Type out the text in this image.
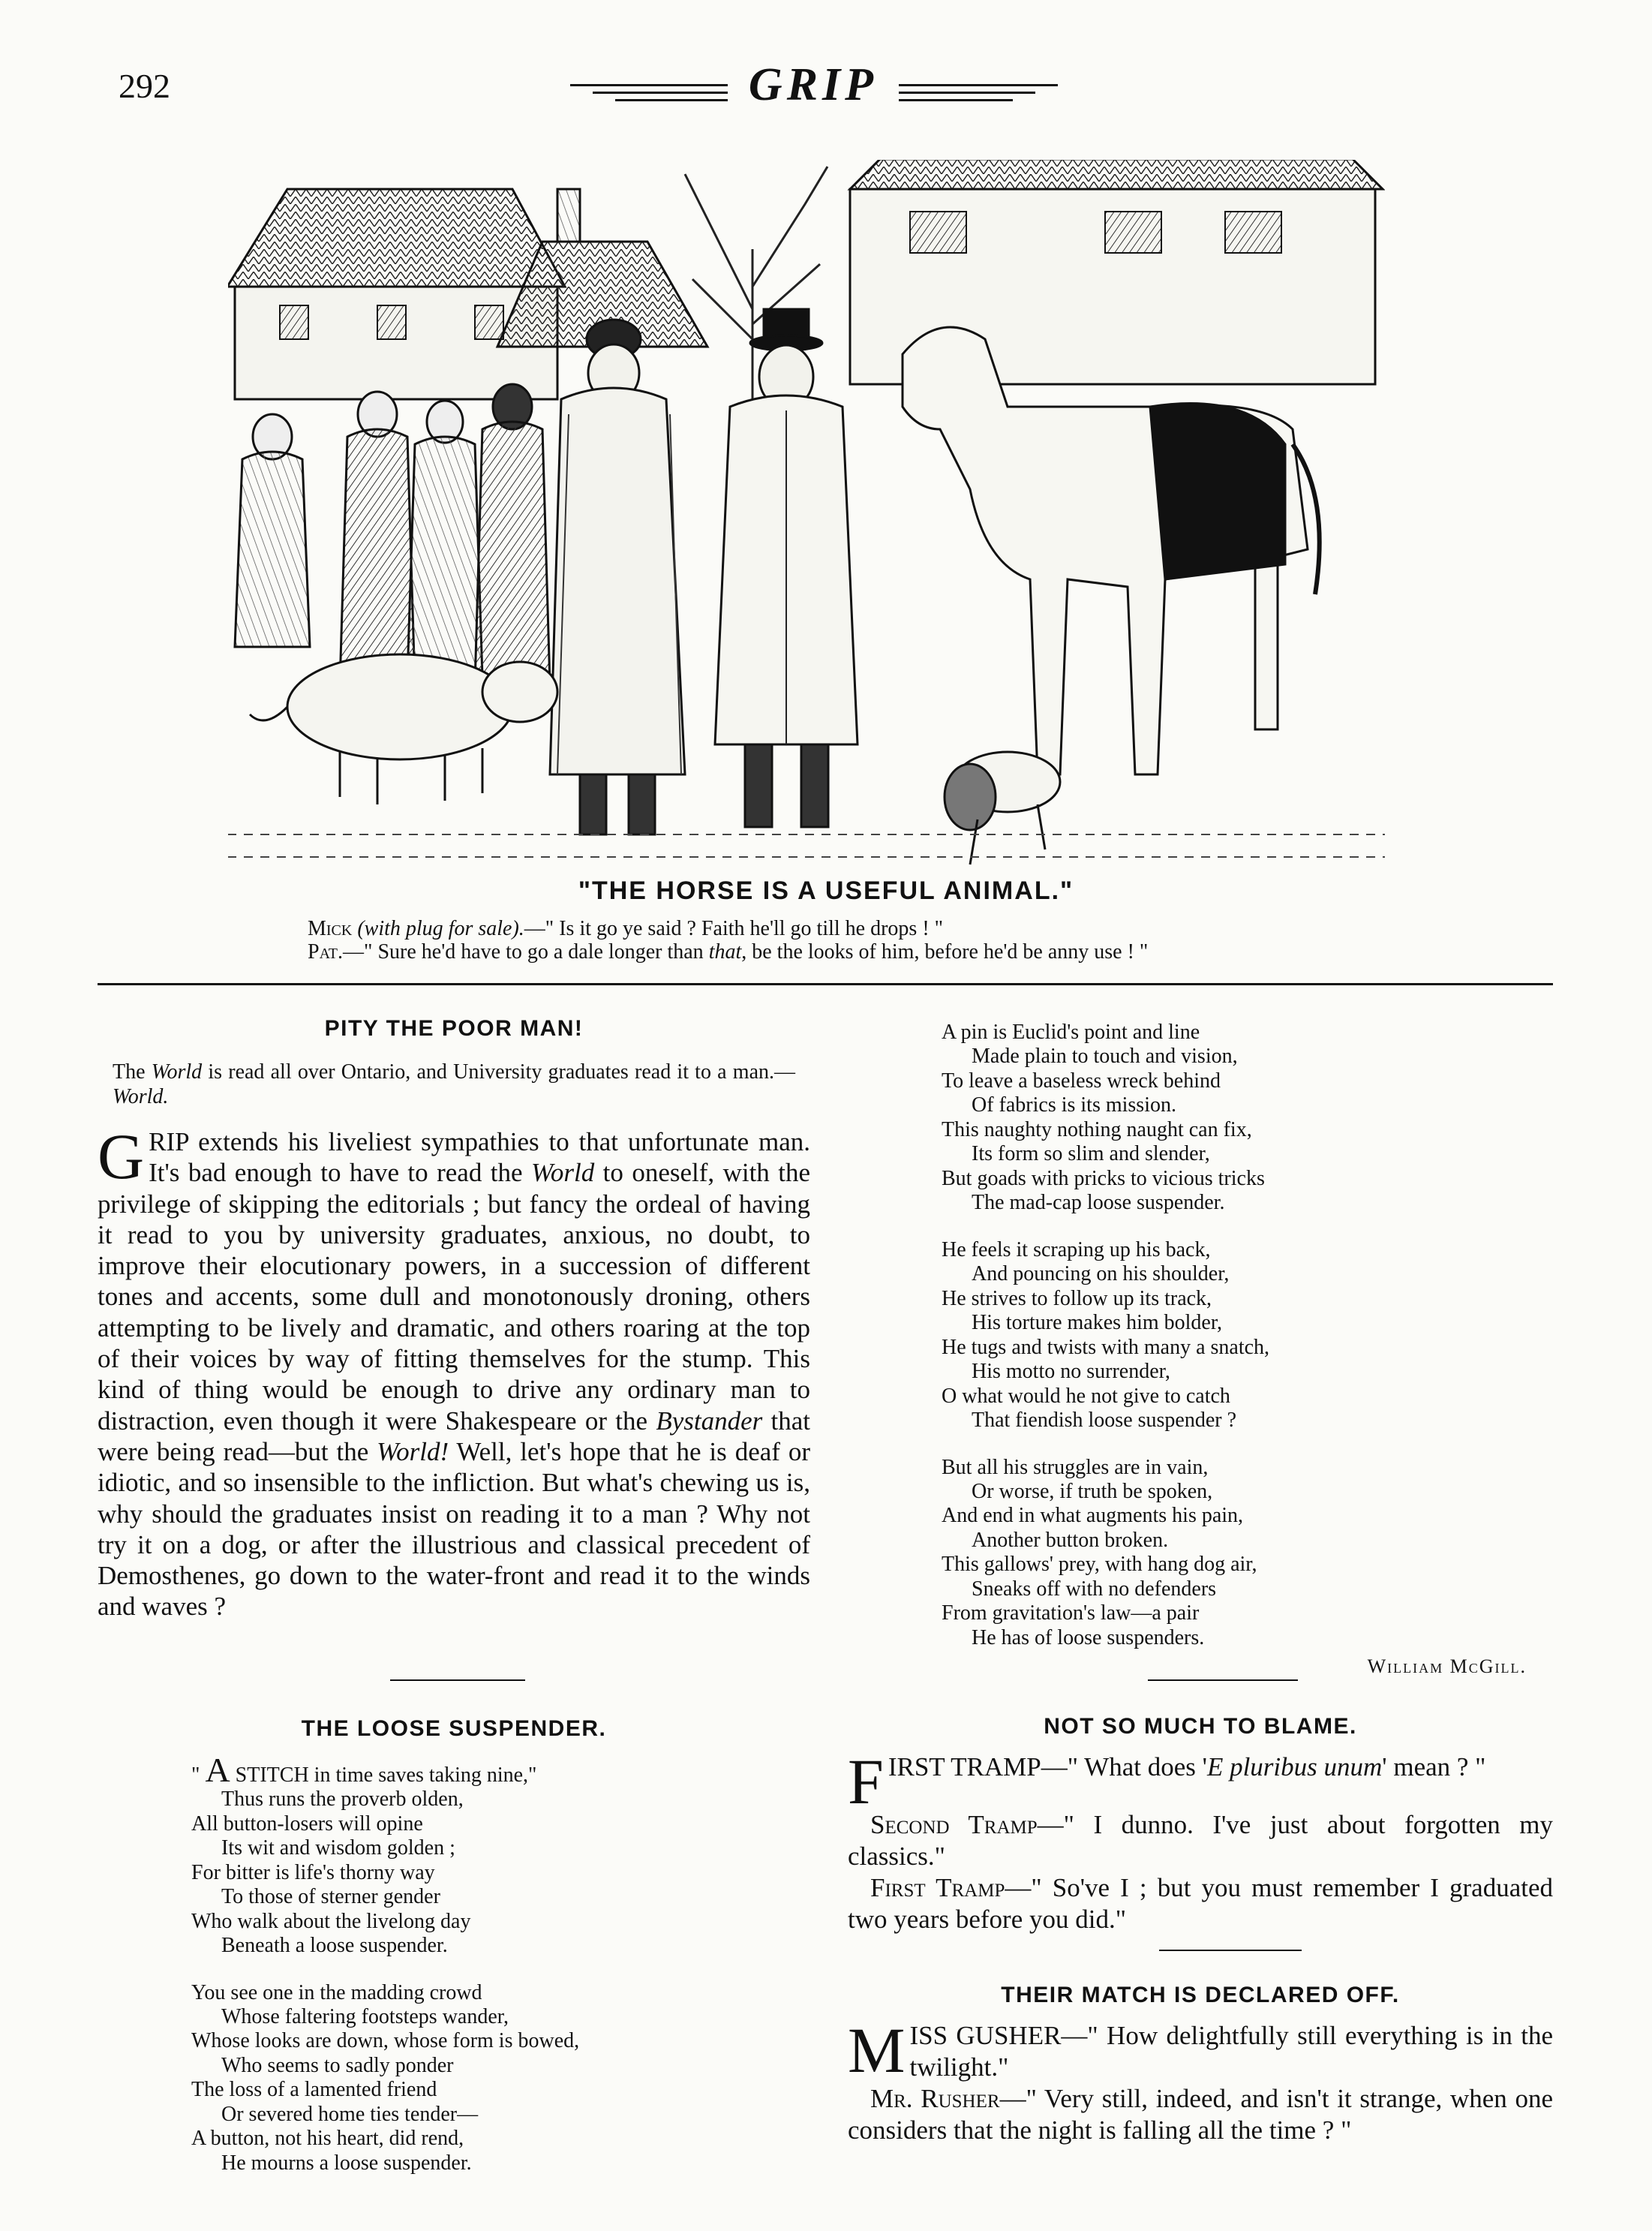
292	GRIP
"THE HORSE IS A USEFUL ANIMAL."
Mick (with plug for sale).—" Is it go ye said ? Faith he'll go till he drops ! "
Pat.—" Sure he'd have to go a dale longer than that, be the looks of him, before he'd be anny use ! "
PITY THE POOR MAN!
The World is read all over Ontario, and University graduates read it to a man.—World.
GRIP extends his liveliest sympathies to that unfortunate man. It's bad enough to have to read the World to oneself, with the privilege of skipping the editorials ; but fancy the ordeal of having it read to you by university graduates, anxious, no doubt, to improve their elocutionary powers, in a succession of different tones and accents, some dull and monotonously droning, others attempting to be lively and dramatic, and others roaring at the top of their voices by way of fitting themselves for the stump. This kind of thing would be enough to drive any ordinary man to distraction, even though it were Shakespeare or the Bystander that were being read—but the World! Well, let's hope that he is deaf or idiotic, and so insensible to the infliction. But what's chewing us is, why should the graduates insist on reading it to a man ? Why not try it on a dog, or after the illustrious and classical precedent of Demosthenes, go down to the water-front and read it to the winds and waves ?
THE LOOSE SUSPENDER.
" A STITCH in time saves taking nine,"
Thus runs the proverb olden,
All button-losers will opine
Its wit and wisdom golden ;
For bitter is life's thorny way
To those of sterner gender
Who walk about the livelong day
Beneath a loose suspender.
You see one in the madding crowd
Whose faltering footsteps wander,
Whose looks are down, whose form is bowed,
Who seems to sadly ponder
The loss of a lamented friend
Or severed home ties tender—
A button, not his heart, did rend,
He mourns a loose suspender.
A pin is Euclid's point and line
Made plain to touch and vision,
To leave a baseless wreck behind
Of fabrics is its mission.
This naughty nothing naught can fix,
Its form so slim and slender,
But goads with pricks to vicious tricks
The mad-cap loose suspender.
He feels it scraping up his back,
And pouncing on his shoulder,
He strives to follow up its track,
His torture makes him bolder,
He tugs and twists with many a snatch,
His motto no surrender,
O what would he not give to catch
That fiendish loose suspender ?
But all his struggles are in vain,
Or worse, if truth be spoken,
And end in what augments his pain,
Another button broken.
This gallows' prey, with hang dog air,
Sneaks off with no defenders
From gravitation's law—a pair
He has of loose suspenders.
William McGill.
NOT SO MUCH TO BLAME.
FIRST TRAMP—" What does 'E pluribus unum' mean ? "
Second Tramp—" I dunno. I've just about forgotten my classics."
First Tramp—" So've I ; but you must remember I graduated two years before you did."
THEIR MATCH IS DECLARED OFF.
MISS GUSHER—" How delightfully still everything is in the twilight."
Mr. Rusher—" Very still, indeed, and isn't it strange, when one considers that the night is falling all the time ? "
